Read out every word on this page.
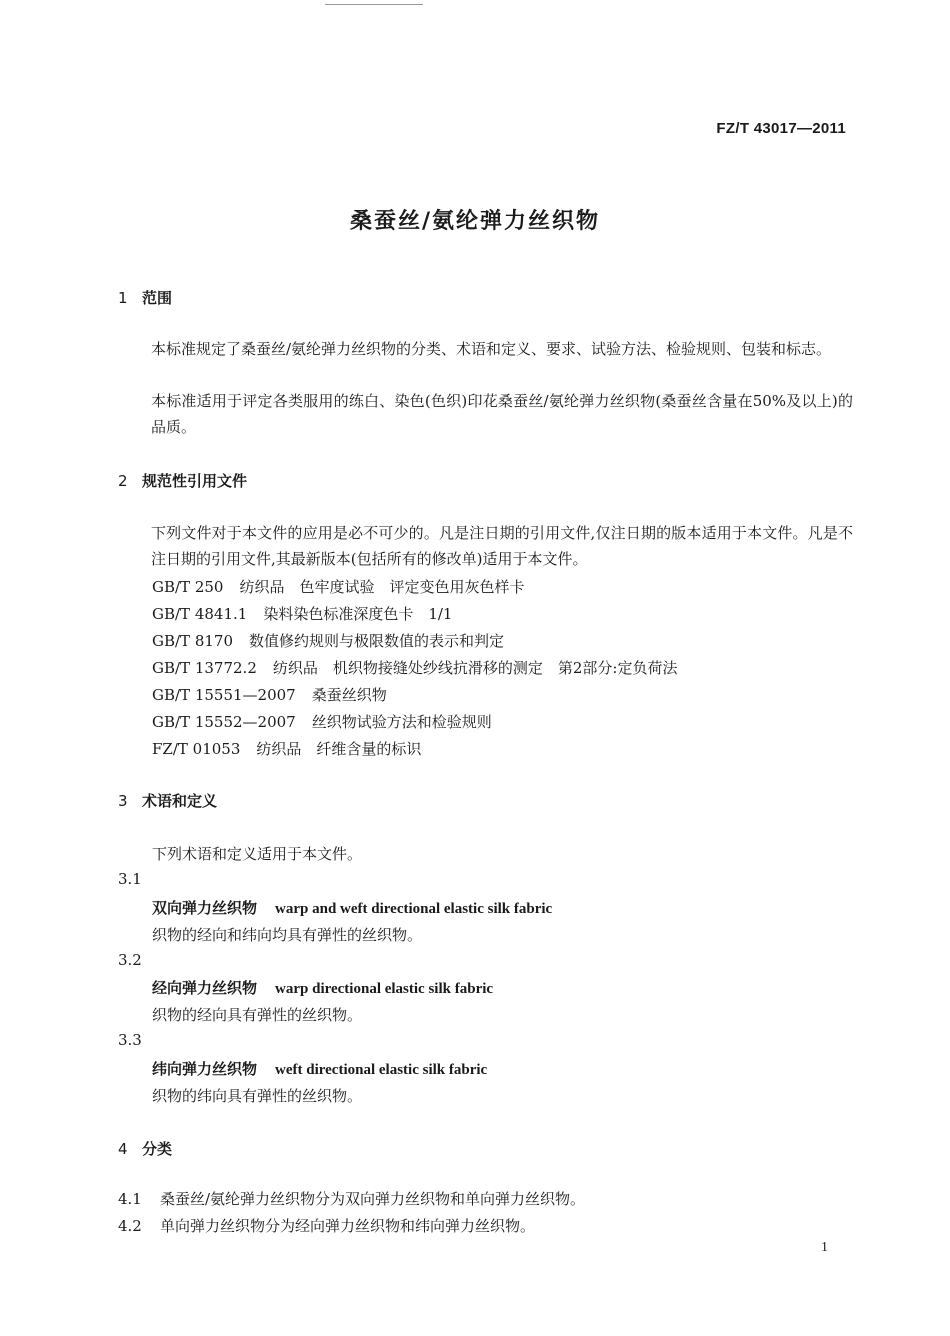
FZ/T 43017—2011
桑蚕丝/氨纶弹力丝织物
1 范围
本标准规定了桑蚕丝/氨纶弹力丝织物的分类、术语和定义、要求、试验方法、检验规则、包装和标志。
本标准适用于评定各类服用的练白、染色(色织)印花桑蚕丝/氨纶弹力丝织物(桑蚕丝含量在50%及以上)的品质。
2 规范性引用文件
下列文件对于本文件的应用是必不可少的。凡是注日期的引用文件,仅注日期的版本适用于本文件。凡是不注日期的引用文件,其最新版本(包括所有的修改单)适用于本文件。
GB/T 250 纺织品　色牢度试验　评定变色用灰色样卡
GB/T 4841.1 染料染色标准深度色卡　1/1
GB/T 8170 数值修约规则与极限数值的表示和判定
GB/T 13772.2 纺织品　机织物接缝处纱线抗滑移的测定　第2部分:定负荷法
GB/T 15551—2007 桑蚕丝织物
GB/T 15552—2007 丝织物试验方法和检验规则
FZ/T 01053 纺织品　纤维含量的标识
3 术语和定义
下列术语和定义适用于本文件。
3.1
双向弹力丝织物 warp and weft directional elastic silk fabric
织物的经向和纬向均具有弹性的丝织物。
3.2
经向弹力丝织物 warp directional elastic silk fabric
织物的经向具有弹性的丝织物。
3.3
纬向弹力丝织物 weft directional elastic silk fabric
织物的纬向具有弹性的丝织物。
4 分类
4.1 桑蚕丝/氨纶弹力丝织物分为双向弹力丝织物和单向弹力丝织物。
4.2 单向弹力丝织物分为经向弹力丝织物和纬向弹力丝织物。
1
